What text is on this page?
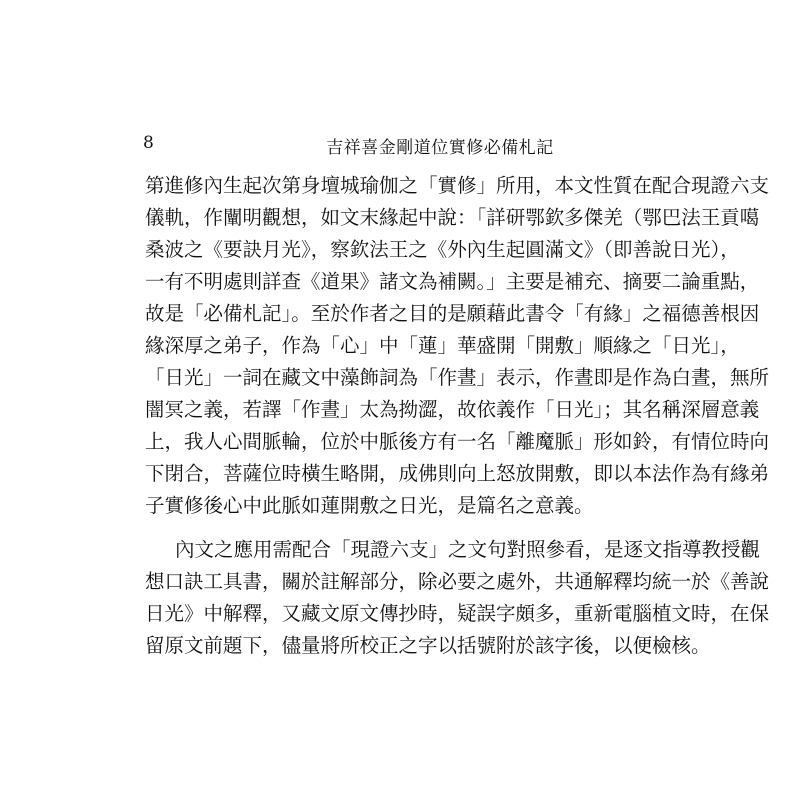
8	吉祥喜金剛道位實修必備札記
第進修內生起次第身壇城瑜伽之「實修」所用，本文性質在配合現證六支
儀軌，作闡明觀想，如文末緣起中說：「詳研鄂欽多傑羌（鄂巴法王貢噶
桑波之《要訣月光》，察欽法王之《外內生起圓滿文》（即善說日光），
一有不明處則詳查《道果》諸文為補闕。」主要是補充、摘要二論重點，
故是「必備札記」。至於作者之目的是願藉此書令「有緣」之福德善根因
緣深厚之弟子，作為「心」中「蓮」華盛開「開敷」順緣之「日光」，
「日光」一詞在藏文中藻飾詞為「作晝」表示，作晝即是作為白晝，無所
闇冥之義，若譯「作晝」太為拗澀，故依義作「日光」；其名稱深層意義
上，我人心間脈輪，位於中脈後方有一名「離魔脈」形如鈴，有情位時向
下閉合，菩薩位時橫生略開，成佛則向上怒放開敷，即以本法作為有緣弟
子實修後心中此脈如蓮開敷之日光，是篇名之意義。
內文之應用需配合「現證六支」之文句對照參看，是逐文指導教授觀
想口訣工具書，關於註解部分，除必要之處外，共通解釋均統一於《善說
日光》中解釋，又藏文原文傳抄時，疑誤字頗多，重新電腦植文時，在保
留原文前題下，儘量將所校正之字以括號附於該字後，以便檢核。
